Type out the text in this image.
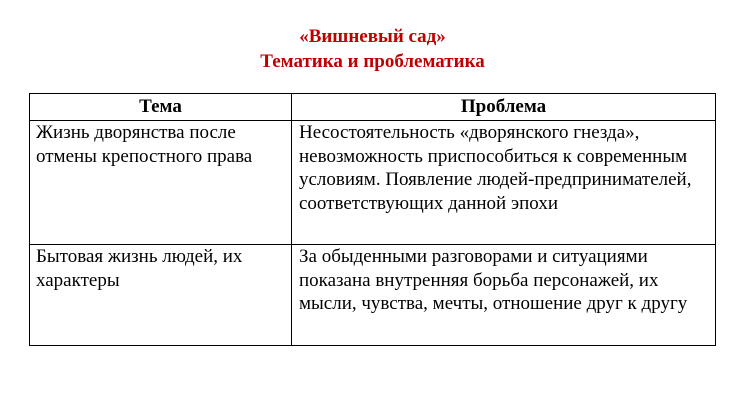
«Вишневый сад»
Тематика и проблематика
Тема	Проблема
Жизнь дворянства после отмены крепостного права	Несостоятельность «дворянского гнезда», невозможность приспособиться к современным условиям. Появление людей-предпринимателей, соответствующих данной эпохи
Бытовая жизнь людей, их характеры	За обыденными разговорами и ситуациями показана внутренняя борьба персонажей, их мысли, чувства, мечты, отношение друг к другу
